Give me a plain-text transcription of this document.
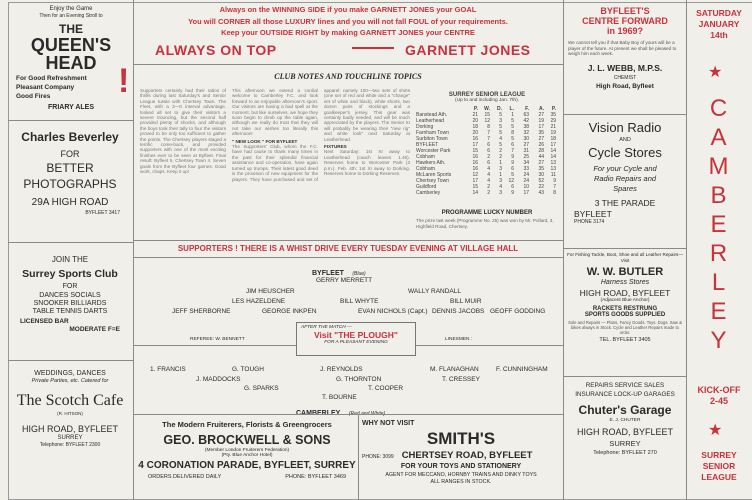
Enjoy the Game
Then for an Evening Stroll to
THE
QUEEN'S
HEAD
For Good Refreshment
Pleasant Company
Good Fires
FRIARY ALES
!
Charles Beverley
FOR
BETTER
PHOTOGRAPHS
29A HIGH ROAD
BYFLEET 3417
JOIN THE
Surrey Sports Club
FOR
DANCES SOCIALS
SNOOKER BILLIARDS
TABLE TENNIS DARTS
LICENSED BAR
MODERATE F=E
WEDDINGS, DANCES
Private Parties, etc. Catered for
The Scotch Cafe
(R. HITSON)
HIGH ROAD, BYFLEET
SURREY
Telephone: BYFLEET 2300
Always on the WINNING SIDE if you make GARNETT JONES your GOAL
You will CORNER all those LUXURY lines and you will not fall FOUL of your requirements.
Keep your OUTSIDE RIGHT by making GARNETT JONES your CENTRE
ALWAYS ON TOP	GARNETT JONES
CLUB NOTES AND TOUCHLINE TOPICS

Supporters certainly had their ration of thrills during last Saturday's and Senior League tussle with Chertsey Town. The Fleet, with a 3—0 interval advantage, looked all set to give their visitors a severe trouncing, but the second half provided plenty of shocks, and although the boys took their tally to four the visitors proved to be only too sufficient to gather the points. The Chertsey players staged a terrific come-back, and provided supporters with one of the most exciting finishes ever to be seen at Byfleet. Final result: Byfleet 5, Chertsey Town 4. Seven goals from the Byfleet four games. Good work, chaps. Keep it up!

This afternoon we extend a cordial welcome to Camberley F.C. and look forward to an enjoyable afternoon's sport. Our visitors are having a bad spell at the moment, but like ourselves, we hope they soon begin to climb up the table again, although we really do trust that they will not take our wishes too literally this afternoon!

" NEW LOOK " FOR BYFLEET

The Supporters' Club, whom the F.C. have had cause to thank many times in the past for their splendid financial assistance and co-operation, have again turned up trumps. Their latest good deed is the provision of new equipment for the players. They have purchased and set of apparel: namely 100—two sets of shirts (one set of red and white and a "change" set of white and black), white shorts, two dozen pairs of stockings and a goalkeeper's jersey. This gear was certainly badly needed, and will be much appreciated by the players. The Senior XI will probably be wearing their "new rig" and white look" next Saturday at Leatherhead.

FIXTURES

Next Saturday: 1st XI away to Leatherhead (coach leaves 1.45). Reserves home to Worcester Park (3 p.m.). Feb. 4th: 1st XI away to Dorking. Reserves home to Dorking Reserves.

SURREY SENIOR LEAGUE
(Up to and including Jan. 7th).
P.	W.	D.	L.	F.	A.	P.
Banstead Ath.	21	15	5	1	63	27	35
Leatherhead	20	12	3	5	42	19	29
Dorking	18	8	5	5	38	17	21
Farnham Town	20	7	5	8	32	35	19
Surbiton Town	16	7	4	5	30	27	18
BYFLEET	17	6	5	6	27	26	17
Worcester Park	15	6	2	7	31	28	14
Cobham	16	2	2	9	25	44	14
Hawkers Ath.	16	6	1	9	34	27	13
Cobham	16	4	3	6	33	35	13
McLaren Sports	12	4	1	5	24	30	11
Chertsey Town	17	4	3	12	24	52	9
Guildford	15	2	4	6	10	22	7
Camberley	14	2	3	9	17	43	8
PROGRAMME LUCKY NUMBER
The prize last week (Programme No. 25) was won by Mr. Pollard, 3, Highfield Road, Chertsey.
SUPPORTERS ! THERE IS A WHIST DRIVE EVERY TUESDAY EVENING AT VILLAGE HALL
BYFLEET (Blue)
GERRY MERRETT
JIM HEUSCHER	WALLY RANDALL
LES HAZELDENE	BILL WHYTE	BILL MUIR
JEFF SHERBORNE	GEORGE INKPEN	EVAN NICHOLS (Capt.) DENNIS JACOBS GEOFF GODDING
AFTER THE MATCH —
Visit "THE PLOUGH"
FOR A PLEASANT EVENING
REFEREE: W. BENNETT	LINESMEN :
1. FRANCIS	G. TOUGH	J. REYNOLDS	M. FLANAGHAN	F. CUNNINGHAM
J. MADDOCKS	G. THORNTON	T. CRESSEY
G. SPARKS	T. COOPER
T. BOURNE
The Modern Fruiterers, Florists & Greengrocers
GEO. BROCKWELL & SONS
(Member London Fruiterers Federation)
(Pty. Blue Anchor Hotel)
4 CORONATION PARADE, BYFLEET, SURREY
ORDERS DELIVERED DAILY	PHONE: BYFLEET 3469
WHY NOT VISIT
SMITH'S
PHONE: 3099 CHERTSEY ROAD, BYFLEET
FOR YOUR TOYS AND STATIONERY
AGENT FOR MECCANO, HORNBY TRAINS AND DINKY TOYS
ALL RANGES IN STOCK.
BYFLEET'S
CENTRE FORWARD
in 1969?
We cannot tell you if that Baby Boy of yours will be a player of the future. At present we shall be pleased to weigh him each week.
J. L. WEBB, M.P.S.
CHEMIST
High Road, Byfleet
Vision Radio
AND
Cycle Stores
For your Cycle and
Radio Repairs and
Spares
3 THE PARADE
BYFLEET
PHONE 3174
For Fishing Tackle, Boot, Shoe and all Leather Repairs—Visit
W. W. BUTLER
Harness Stores
HIGH ROAD, BYFLEET
(Adjacent Blue Anchor)
RACKETS RESTRUNG
SPORTS GOODS SUPPLIED
Sole and Repairs — Plans, Fancy Goods. Toys. Dogs. Saw & bikes always in Stock. Cycle and Leather Repairs made to order.
TEL. BYFLEET 3405
REPAIRS SERVICE SALES
INSURANCE LOCK-UP GARAGES
Chuter's Garage
E. J. CHUTER
HIGH ROAD, BYFLEET
SURREY
Telephone: BYFLEET 270
SATURDAY
JANUARY
14th
★
C
A
M
B
E
R
L
E
Y
KICK-OFF
2-45
★
SURREY
SENIOR
LEAGUE
